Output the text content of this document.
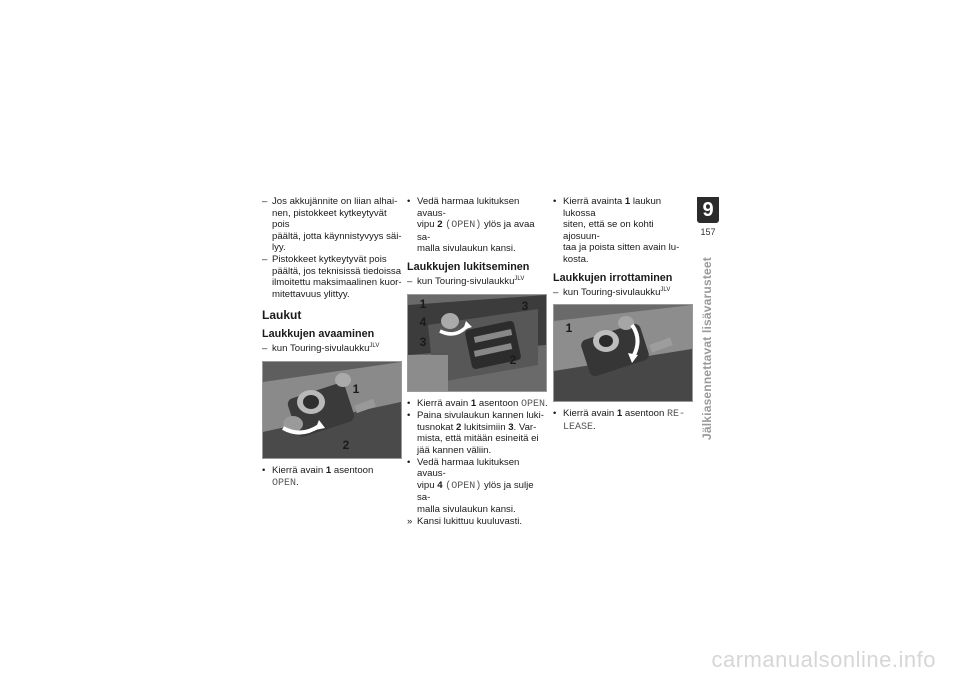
– Jos akkujännite on liian alhai-
nen, pistokkeet kytkeytyvät pois
päältä, jotta käynnistyvyys säi-
lyy.
– Pistokkeet kytkeytyvät pois
päältä, jos teknisissä tiedoissa
ilmoitettu maksimaalinen kuor-
mitettavuus ylittyy.
Laukut
Laukkujen avaaminen
– kun Touring-sivulaukku$^{JLV}$
1
2
• Kierrä avain 1 asentoon OPEN.
• Vedä harmaa lukituksen avaus-
vipu 2 (OPEN) ylös ja avaa sa-
malla sivulaukun kansi.
Laukkujen lukitseminen
– kun Touring-sivulaukku$^{JLV}$
1
4
3
3
2
• Kierrä avain 1 asentoon OPEN.
• Paina sivulaukun kannen luki-
tusnokat 2 lukitsimiin 3. Var-
mista, että mitään esineitä ei
jää kannen väliin.
• Vedä harmaa lukituksen avaus-
vipu 4 (OPEN) ylös ja sulje sa-
malla sivulaukun kansi.
» Kansi lukittuu kuuluvasti.
• Kierrä avainta 1 laukun lukossa
siten, että se on kohti ajosuun-
taa ja poista sitten avain lu-
kosta.
Laukkujen irrottaminen
– kun Touring-sivulaukku$^{JLV}$
1
• Kierrä avain 1 asentoon RE-
LEASE.
9
157
Jälkiasennettavat lisävarusteet
carmanualsonline.info
